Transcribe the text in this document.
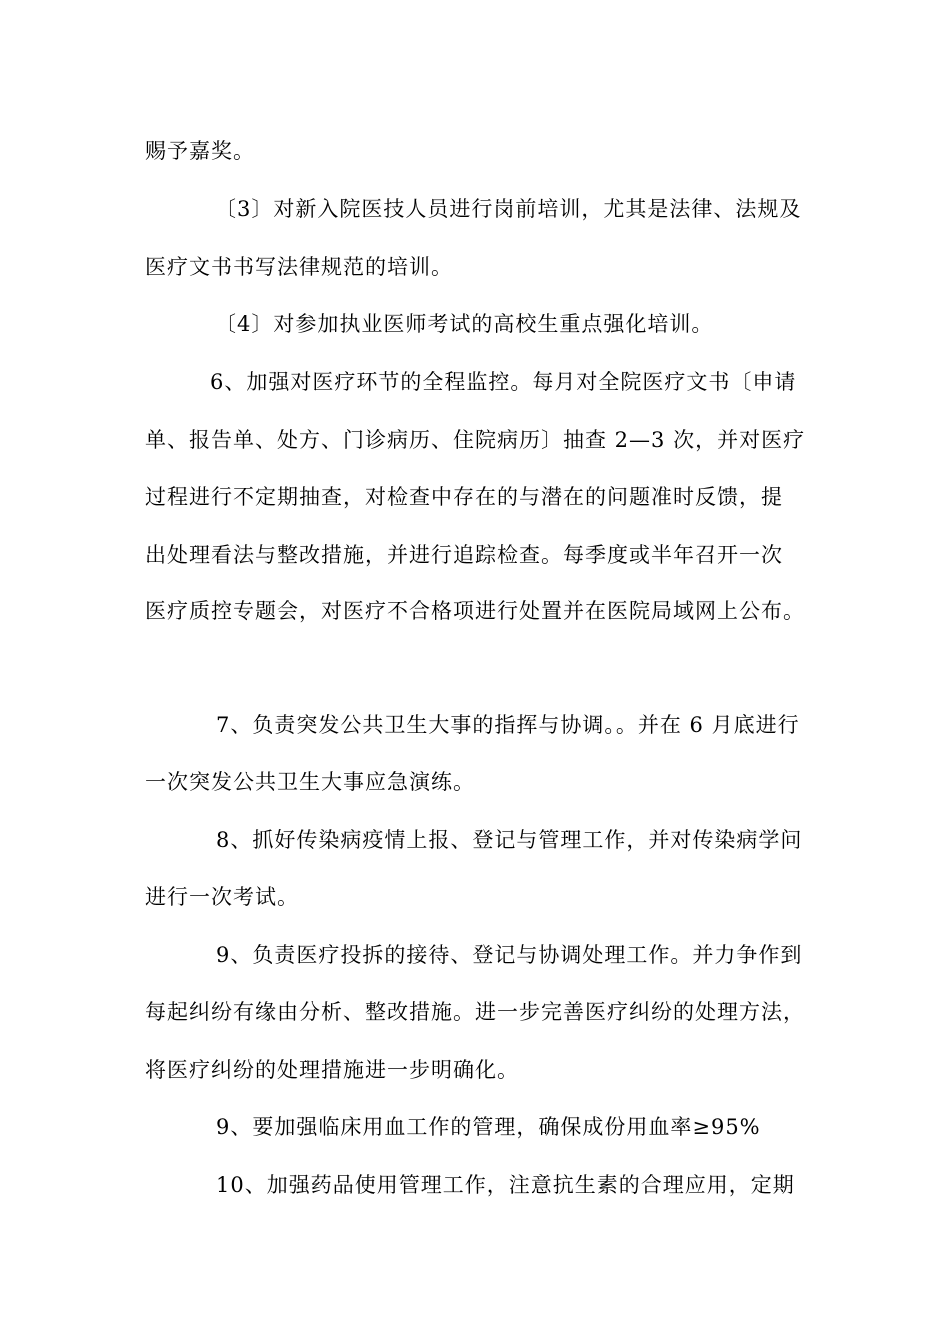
赐予嘉奖。
〔3〕对新入院医技人员进行岗前培训，尤其是法律、法规及
医疗文书书写法律规范的培训。
〔4〕对参加执业医师考试的高校生重点强化培训。
6、加强对医疗环节的全程监控。每月对全院医疗文书〔申请
单、报告单、处方、门诊病历、住院病历〕抽查 2—3 次，并对医疗
过程进行不定期抽查，对检查中存在的与潜在的问题准时反馈，提
出处理看法与整改措施，并进行追踪检查。每季度或半年召开一次
医疗质控专题会，对医疗不合格项进行处置并在医院局域网上公布。
7、负责突发公共卫生大事的指挥与协调。。并在 6 月底进行
一次突发公共卫生大事应急演练。
8、抓好传染病疫情上报、登记与管理工作，并对传染病学问
进行一次考试。
9、负责医疗投拆的接待、登记与协调处理工作。并力争作到
每起纠纷有缘由分析、整改措施。进一步完善医疗纠纷的处理方法，
将医疗纠纷的处理措施进一步明确化。
9、要加强临床用血工作的管理，确保成份用血率≥95%
10、加强药品使用管理工作，注意抗生素的合理应用，定期
